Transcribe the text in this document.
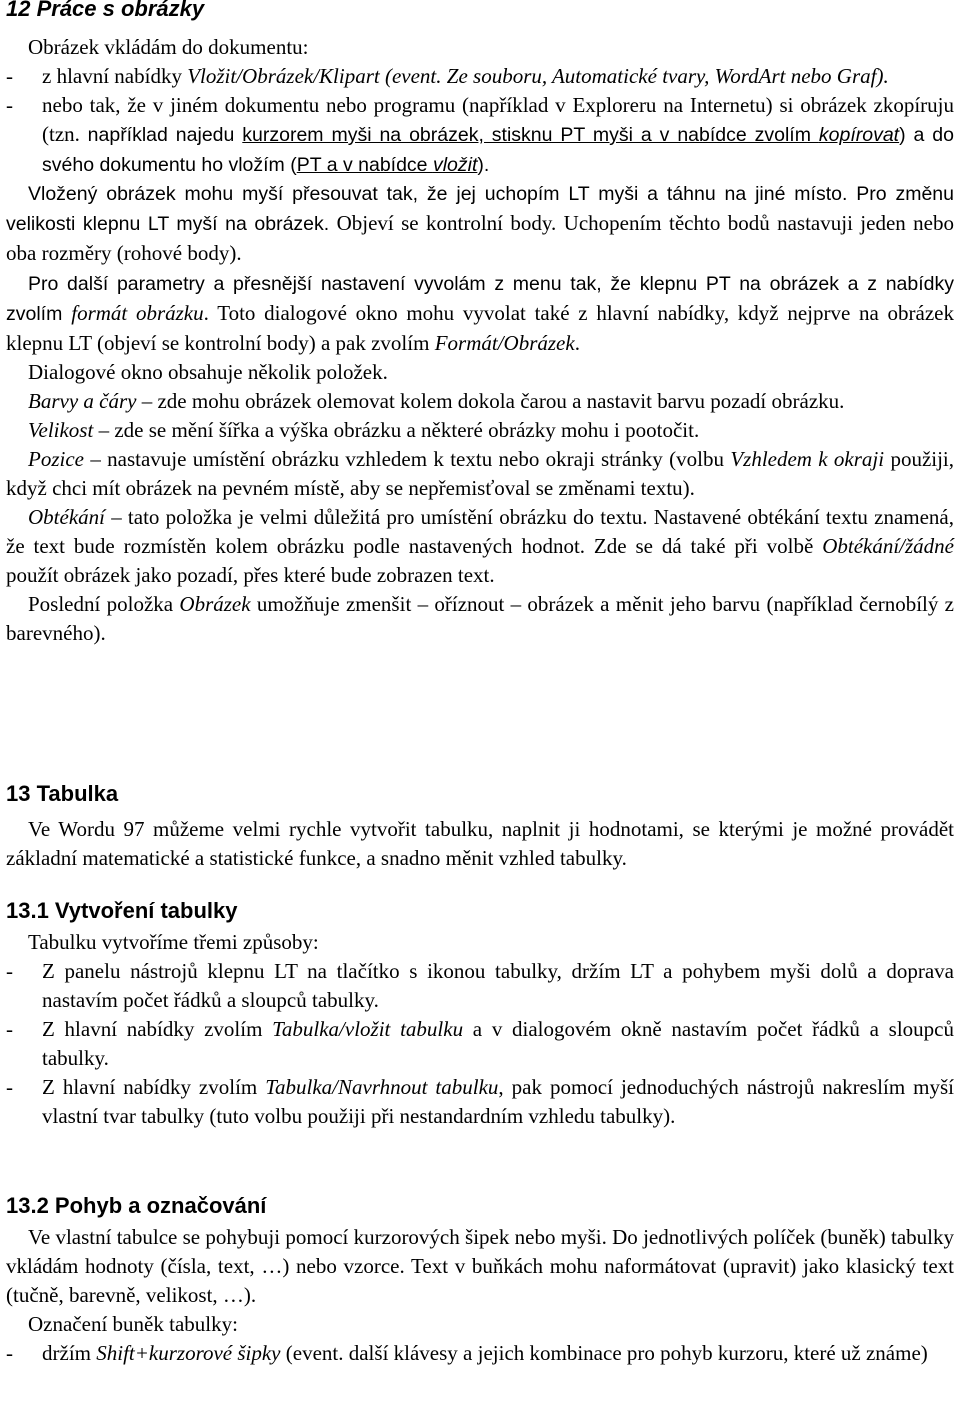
12 Práce s obrázky

Obrázek vkládám do dokumentu:

- z hlavní nabídky Vložit/Obrázek/Klipart (event. Ze souboru, Automatické tvary, WordArt nebo Graf).
- nebo tak, že v jiném dokumentu nebo programu (například v Exploreru na Internetu) si obrázek zkopíruju (tzn. například najedu kurzorem myši na obrázek, stisknu PT myši a v nabídce zvolím kopírovat) a do svého dokumentu ho vložím (PT a v nabídce vložit).

Vložený obrázek mohu myší přesouvat tak, že jej uchopím LT myši a táhnu na jiné místo. Pro změnu velikosti klepnu LT myší na obrázek. Objeví se kontrolní body. Uchopením těchto bodů nastavuji jeden nebo oba rozměry (rohové body).

Pro další parametry a přesnější nastavení vyvolám z menu tak, že klepnu PT na obrázek a z nabídky zvolím formát obrázku. Toto dialogové okno mohu vyvolat také z hlavní nabídky, když nejprve na obrázek klepnu LT (objeví se kontrolní body) a pak zvolím Formát/Obrázek.

Dialogové okno obsahuje několik položek.

Barvy a čáry – zde mohu obrázek olemovat kolem dokola čarou a nastavit barvu pozadí obrázku.

Velikost – zde se mění šířka a výška obrázku a některé obrázky mohu i pootočit.

Pozice – nastavuje umístění obrázku vzhledem k textu nebo okraji stránky (volbu Vzhledem k okraji použiji, když chci mít obrázek na pevném místě, aby se nepřemisťoval se změnami textu).

Obtékání – tato položka je velmi důležitá pro umístění obrázku do textu. Nastavené obtékání textu znamená, že text bude rozmístěn kolem obrázku podle nastavených hodnot. Zde se dá také při volbě Obtékání/žádné použít obrázek jako pozadí, přes které bude zobrazen text.

Poslední položka Obrázek umožňuje zmenšit – oříznout – obrázek a měnit jeho barvu (například černobílý z barevného).

13 Tabulka

Ve Wordu 97 můžeme velmi rychle vytvořit tabulku, naplnit ji hodnotami, se kterými je možné provádět základní matematické a statistické funkce, a snadno měnit vzhled tabulky.

13.1 Vytvoření tabulky

Tabulku vytvoříme třemi způsoby:

- Z panelu nástrojů klepnu LT na tlačítko s ikonou tabulky, držím LT a pohybem myši dolů a doprava nastavím počet řádků a sloupců tabulky.
- Z hlavní nabídky zvolím Tabulka/vložit tabulku a v dialogovém okně nastavím počet řádků a sloupců tabulky.
- Z hlavní nabídky zvolím Tabulka/Navrhnout tabulku, pak pomocí jednoduchých nástrojů nakreslím myší vlastní tvar tabulky (tuto volbu použiji při nestandardním vzhledu tabulky).
13.2 Pohyb a označování

Ve vlastní tabulce se pohybuji pomocí kurzorových šipek nebo myši. Do jednotlivých políček (buněk) tabulky vkládám hodnoty (čísla, text, …) nebo vzorce. Text v buňkách mohu naformátovat (upravit) jako klasický text (tučně, barevně, velikost, …).

Označení buněk tabulky:

- držím Shift+kurzorové šipky (event. další klávesy a jejich kombinace pro pohyb kurzoru, které už známe)
